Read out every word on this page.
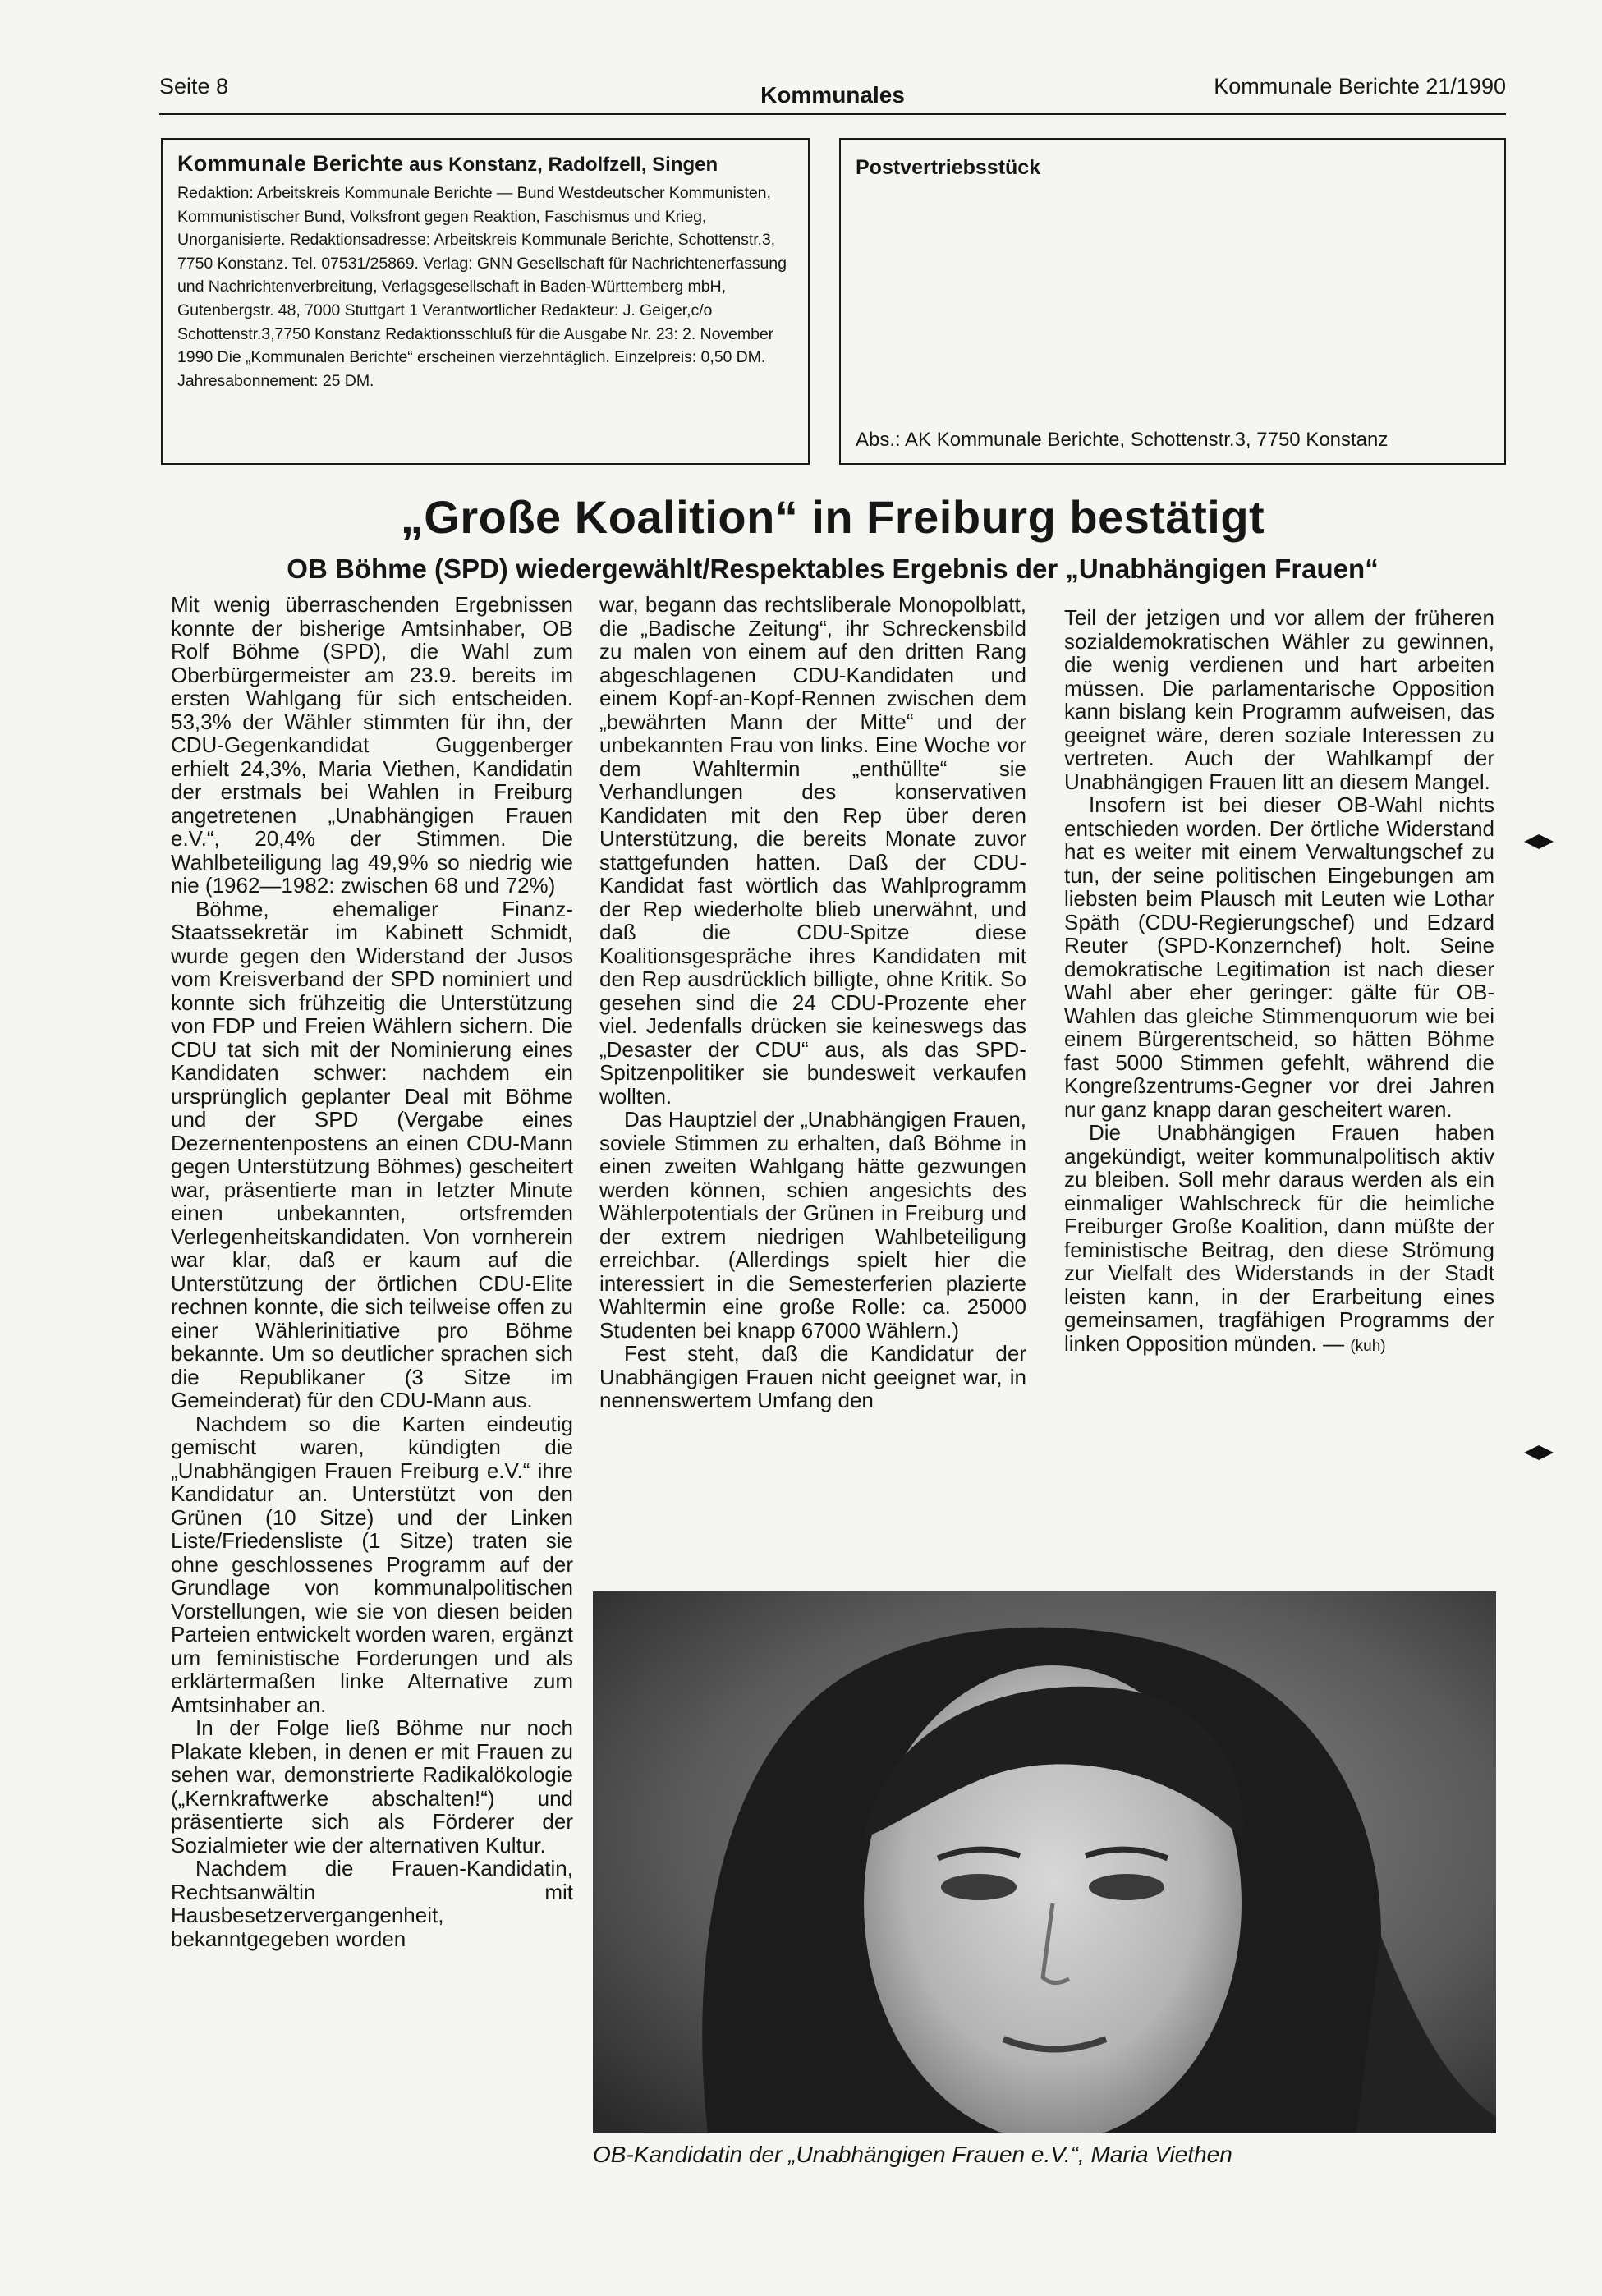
Seite 8	Kommunales	Kommunale Berichte 21/1990

Kommunale Berichte aus Konstanz, Radolfzell, Singen

Redaktion: Arbeitskreis Kommunale Berichte — Bund Westdeutscher Kommunisten, Kommunistischer Bund, Volksfront gegen Reaktion, Faschismus und Krieg, Unorganisierte. Redaktionsadresse: Arbeitskreis Kommunale Berichte, Schottenstr.3, 7750 Konstanz. Tel. 07531/25869. Verlag: GNN Gesellschaft für Nachrichtenerfassung und Nachrichtenverbreitung, Verlagsgesellschaft in Baden-Württemberg mbH, Gutenbergstr. 48, 7000 Stuttgart 1 Verantwortlicher Redakteur: J. Geiger,c/o Schottenstr.3,7750 Konstanz Redaktionsschluß für die Ausgabe Nr. 23: 2. November 1990 Die „Kommunalen Berichte“ erscheinen vierzehntäglich. Einzelpreis: 0,50 DM. Jahresabonnement: 25 DM.

Postvertriebsstück
Abs.: AK Kommunale Berichte, Schottenstr.3, 7750 Konstanz
„Große Koalition“ in Freiburg bestätigt
OB Böhme (SPD) wiedergewählt/Respektables Ergebnis der „Unabhängigen Frauen“

Mit wenig überraschenden Ergebnissen konnte der bisherige Amtsinhaber, OB Rolf Böhme (SPD), die Wahl zum Oberbürgermeister am 23.9. bereits im ersten Wahlgang für sich entscheiden. 53,3% der Wähler stimmten für ihn, der CDU-Gegenkandidat Guggenberger erhielt 24,3%, Maria Viethen, Kandidatin der erstmals bei Wahlen in Freiburg angetretenen „Unabhängigen Frauen e.V.“, 20,4% der Stimmen. Die Wahlbeteiligung lag 49,9% so niedrig wie nie (1962—1982: zwischen 68 und 72%)

Böhme, ehemaliger Finanz-Staatssekretär im Kabinett Schmidt, wurde gegen den Widerstand der Jusos vom Kreisverband der SPD nominiert und konnte sich frühzeitig die Unterstützung von FDP und Freien Wählern sichern. Die CDU tat sich mit der Nominierung eines Kandidaten schwer: nachdem ein ursprünglich geplanter Deal mit Böhme und der SPD (Vergabe eines Dezernentenpostens an einen CDU-Mann gegen Unterstützung Böhmes) gescheitert war, präsentierte man in letzter Minute einen unbekannten, ortsfremden Verlegenheitskandidaten. Von vornherein war klar, daß er kaum auf die Unterstützung der örtlichen CDU-Elite rechnen konnte, die sich teilweise offen zu einer Wählerinitiative pro Böhme bekannte. Um so deutlicher sprachen sich die Republikaner (3 Sitze im Gemeinderat) für den CDU-Mann aus.

Nachdem so die Karten eindeutig gemischt waren, kündigten die „Unabhängigen Frauen Freiburg e.V.“ ihre Kandidatur an. Unterstützt von den Grünen (10 Sitze) und der Linken Liste/Friedensliste (1 Sitze) traten sie ohne geschlossenes Programm auf der Grundlage von kommunalpolitischen Vorstellungen, wie sie von diesen beiden Parteien entwickelt worden waren, ergänzt um feministische Forderungen und als erklärtermaßen linke Alternative zum Amtsinhaber an.

In der Folge ließ Böhme nur noch Plakate kleben, in denen er mit Frauen zu sehen war, demonstrierte Radikalökologie („Kernkraftwerke abschalten!“) und präsentierte sich als Förderer der Sozialmieter wie der alternativen Kultur.

Nachdem die Frauen-Kandidatin, Rechtsanwältin mit Hausbesetzervergangenheit, bekanntgegeben worden

war, begann das rechtsliberale Monopolblatt, die „Badische Zeitung“, ihr Schreckensbild zu malen von einem auf den dritten Rang abgeschlagenen CDU-Kandidaten und einem Kopf-an-Kopf-Rennen zwischen dem „bewährten Mann der Mitte“ und der unbekannten Frau von links. Eine Woche vor dem Wahltermin „enthüllte“ sie Verhandlungen des konservativen Kandidaten mit den Rep über deren Unterstützung, die bereits Monate zuvor stattgefunden hatten. Daß der CDU-Kandidat fast wörtlich das Wahlprogramm der Rep wiederholte blieb unerwähnt, und daß die CDU-Spitze diese Koalitionsgespräche ihres Kandidaten mit den Rep ausdrücklich billigte, ohne Kritik. So gesehen sind die 24 CDU-Prozente eher viel. Jedenfalls drücken sie keineswegs das „Desaster der CDU“ aus, als das SPD-Spitzenpolitiker sie bundesweit verkaufen wollten.

Das Hauptziel der „Unabhängigen Frauen, soviele Stimmen zu erhalten, daß Böhme in einen zweiten Wahlgang hätte gezwungen werden können, schien angesichts des Wählerpotentials der Grünen in Freiburg und der extrem niedrigen Wahlbeteiligung erreichbar. (Allerdings spielt hier die interessiert in die Semesterferien plazierte Wahltermin eine große Rolle: ca. 25000 Studenten bei knapp 67000 Wählern.)

Fest steht, daß die Kandidatur der Unabhängigen Frauen nicht geeignet war, in nennenswertem Umfang den

Teil der jetzigen und vor allem der früheren sozialdemokratischen Wähler zu gewinnen, die wenig verdienen und hart arbeiten müssen. Die parlamentarische Opposition kann bislang kein Programm aufweisen, das geeignet wäre, deren soziale Interessen zu vertreten. Auch der Wahlkampf der Unabhängigen Frauen litt an diesem Mangel.

Insofern ist bei dieser OB-Wahl nichts entschieden worden. Der örtliche Widerstand hat es weiter mit einem Verwaltungschef zu tun, der seine politischen Eingebungen am liebsten beim Plausch mit Leuten wie Lothar Späth (CDU-Regierungschef) und Edzard Reuter (SPD-Konzernchef) holt. Seine demokratische Legitimation ist nach dieser Wahl aber eher geringer: gälte für OB-Wahlen das gleiche Stimmenquorum wie bei einem Bürgerentscheid, so hätten Böhme fast 5000 Stimmen gefehlt, während die Kongreßzentrums-Gegner vor drei Jahren nur ganz knapp daran gescheitert waren.

Die Unabhängigen Frauen haben angekündigt, weiter kommunalpolitisch aktiv zu bleiben. Soll mehr daraus werden als ein einmaliger Wahlschreck für die heimliche Freiburger Große Koalition, dann müßte der feministische Beitrag, den diese Strömung zur Vielfalt des Widerstands in der Stadt leisten kann, in der Erarbeitung eines gemeinsamen, tragfähigen Programms der linken Opposition münden. — (kuh)

OB-Kandidatin der „Unabhängigen Frauen e.V.“, Maria Viethen
